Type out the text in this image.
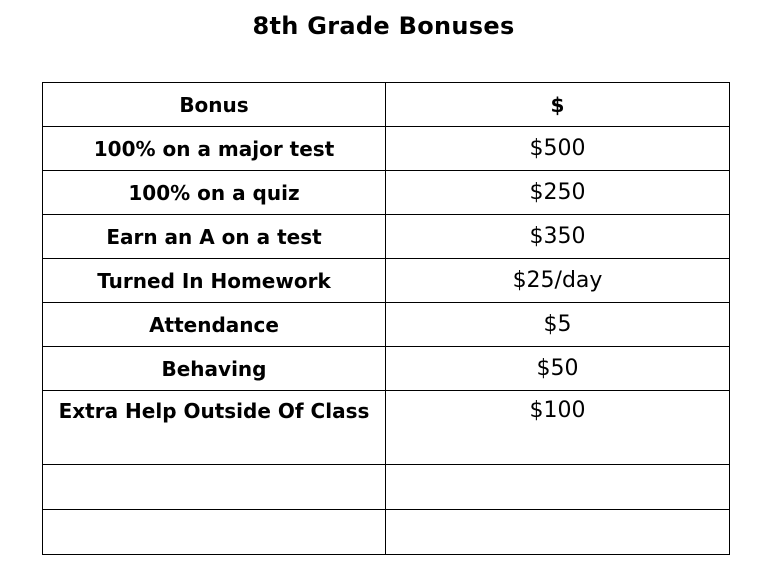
8th Grade Bonuses
Bonus	$
100% on a major test	$500
100% on a quiz	$250
Earn an A on a test	$350
Turned In Homework	$25/day
Attendance	$5
Behaving	$50
Extra Help Outside Of Class	$100
